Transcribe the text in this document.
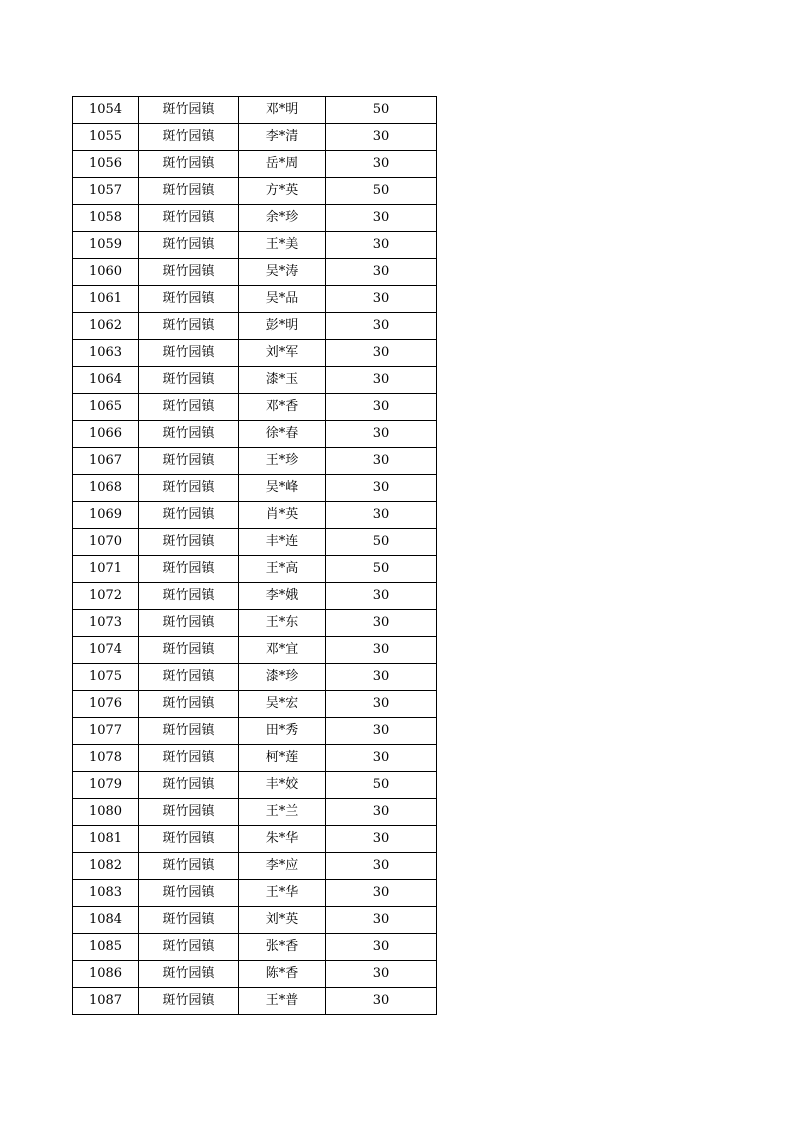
1054	斑竹园镇	邓*明	50
1055	斑竹园镇	李*清	30
1056	斑竹园镇	岳*周	30
1057	斑竹园镇	方*英	50
1058	斑竹园镇	余*珍	30
1059	斑竹园镇	王*美	30
1060	斑竹园镇	吴*涛	30
1061	斑竹园镇	吴*品	30
1062	斑竹园镇	彭*明	30
1063	斑竹园镇	刘*军	30
1064	斑竹园镇	漆*玉	30
1065	斑竹园镇	邓*香	30
1066	斑竹园镇	徐*春	30
1067	斑竹园镇	王*珍	30
1068	斑竹园镇	吴*峰	30
1069	斑竹园镇	肖*英	30
1070	斑竹园镇	丰*连	50
1071	斑竹园镇	王*高	50
1072	斑竹园镇	李*娥	30
1073	斑竹园镇	王*东	30
1074	斑竹园镇	邓*宜	30
1075	斑竹园镇	漆*珍	30
1076	斑竹园镇	吴*宏	30
1077	斑竹园镇	田*秀	30
1078	斑竹园镇	柯*莲	30
1079	斑竹园镇	丰*姣	50
1080	斑竹园镇	王*兰	30
1081	斑竹园镇	朱*华	30
1082	斑竹园镇	李*应	30
1083	斑竹园镇	王*华	30
1084	斑竹园镇	刘*英	30
1085	斑竹园镇	张*香	30
1086	斑竹园镇	陈*香	30
1087	斑竹园镇	王*普	30
